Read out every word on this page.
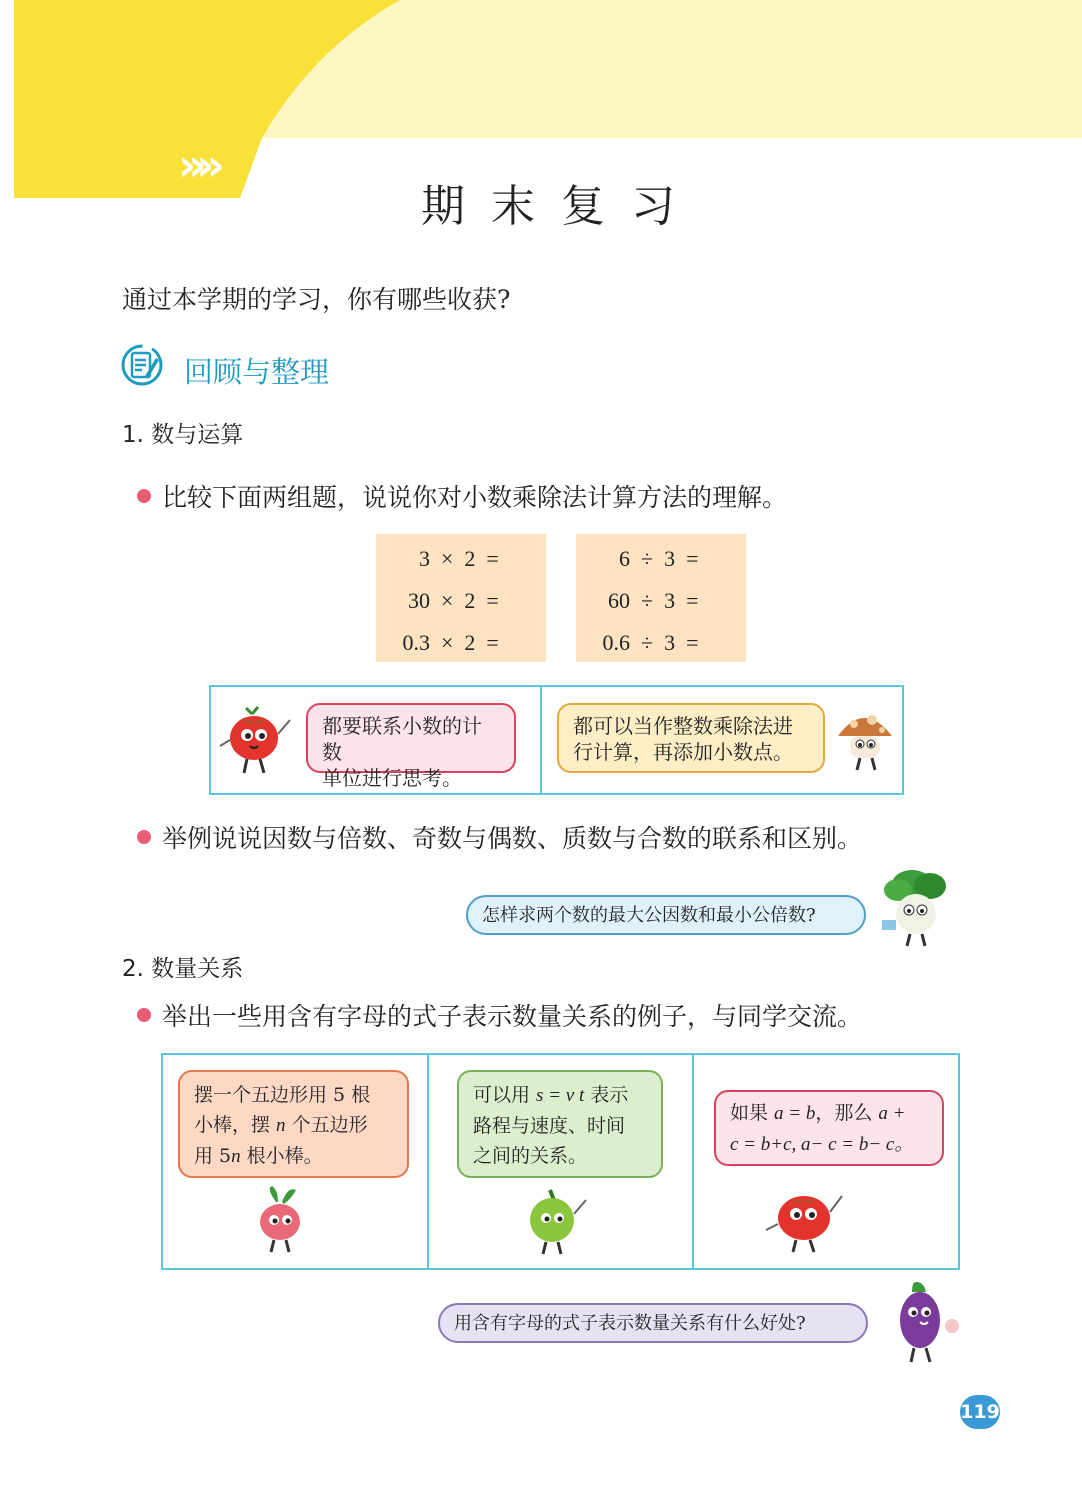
»»
期末复习
通过本学期的学习，你有哪些收获?
回顾与整理
1. 数与运算
比较下面两组题，说说你对小数乘除法计算方法的理解。
3 × 2 =
30 × 2 =
0.3 × 2 =
6 ÷ 3 =
60 ÷ 3 =
0.6 ÷ 3 =
都要联系小数的计数
单位进行思考。
都可以当作整数乘除法进
行计算，再添加小数点。
举例说说因数与倍数、奇数与偶数、质数与合数的联系和区别。
怎样求两个数的最大公因数和最小公倍数?
2. 数量关系
举出一些用含有字母的式子表示数量关系的例子，与同学交流。
摆一个五边形用 5 根
小棒，摆 n 个五边形
用 5n 根小棒。
可以用 s = v t 表示
路程与速度、时间
之间的关系。
如果 a = b，那么 a +
c = b+c, a− c = b− c。
用含有字母的式子表示数量关系有什么好处?
119
